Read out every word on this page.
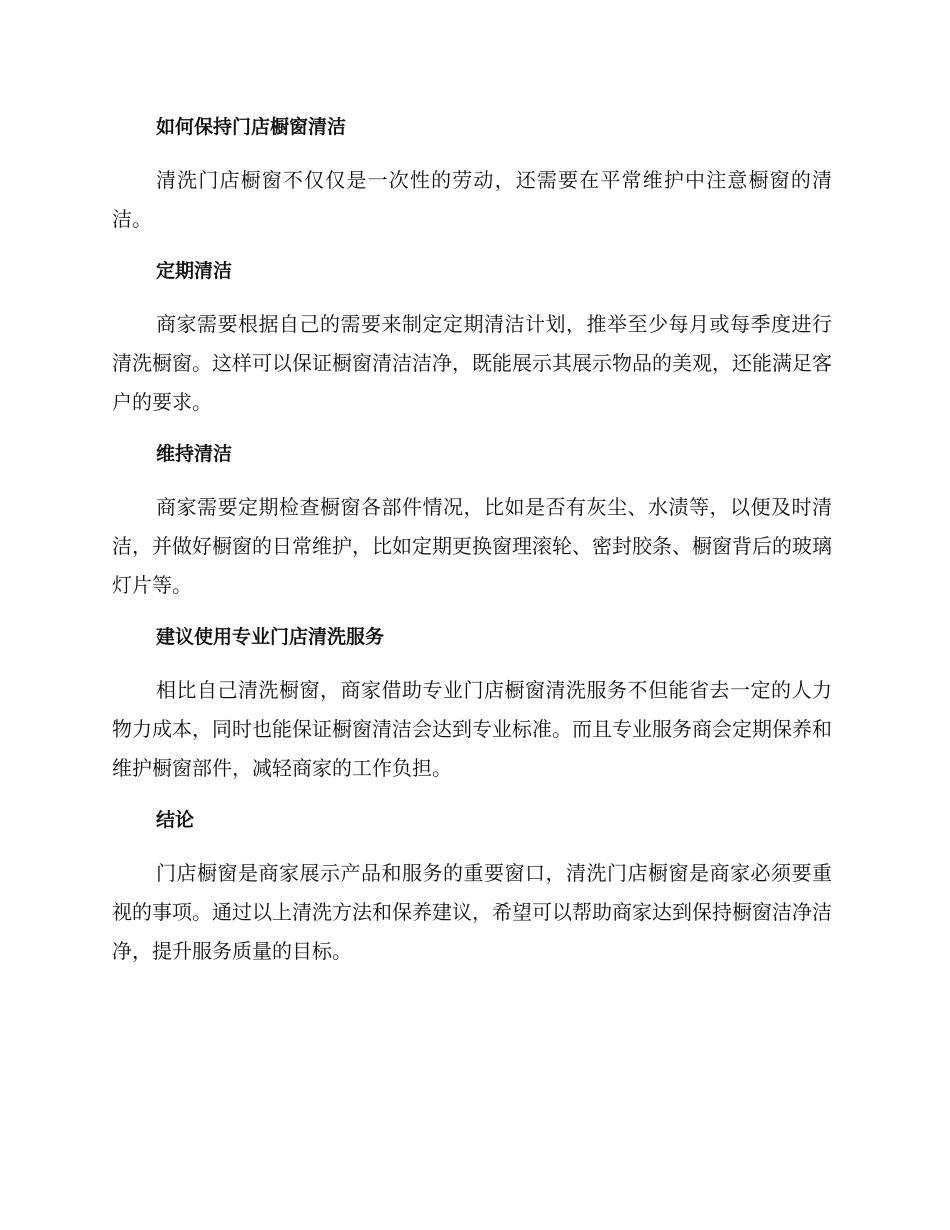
如何保持门店橱窗清洁

清洗门店橱窗不仅仅是一次性的劳动，还需要在平常维护中注意橱窗的清洁。

定期清洁

商家需要根据自己的需要来制定定期清洁计划，推举至少每月或每季度进行清洗橱窗。这样可以保证橱窗清洁洁净，既能展示其展示物品的美观，还能满足客户的要求。

维持清洁

商家需要定期检查橱窗各部件情况，比如是否有灰尘、水渍等，以便及时清洁，并做好橱窗的日常维护，比如定期更换窗理滚轮、密封胶条、橱窗背后的玻璃灯片等。

建议使用专业门店清洗服务

相比自己清洗橱窗，商家借助专业门店橱窗清洗服务不但能省去一定的人力物力成本，同时也能保证橱窗清洁会达到专业标准。而且专业服务商会定期保养和维护橱窗部件，减轻商家的工作负担。

结论

门店橱窗是商家展示产品和服务的重要窗口，清洗门店橱窗是商家必须要重视的事项。通过以上清洗方法和保养建议，希望可以帮助商家达到保持橱窗洁净洁净，提升服务质量的目标。
